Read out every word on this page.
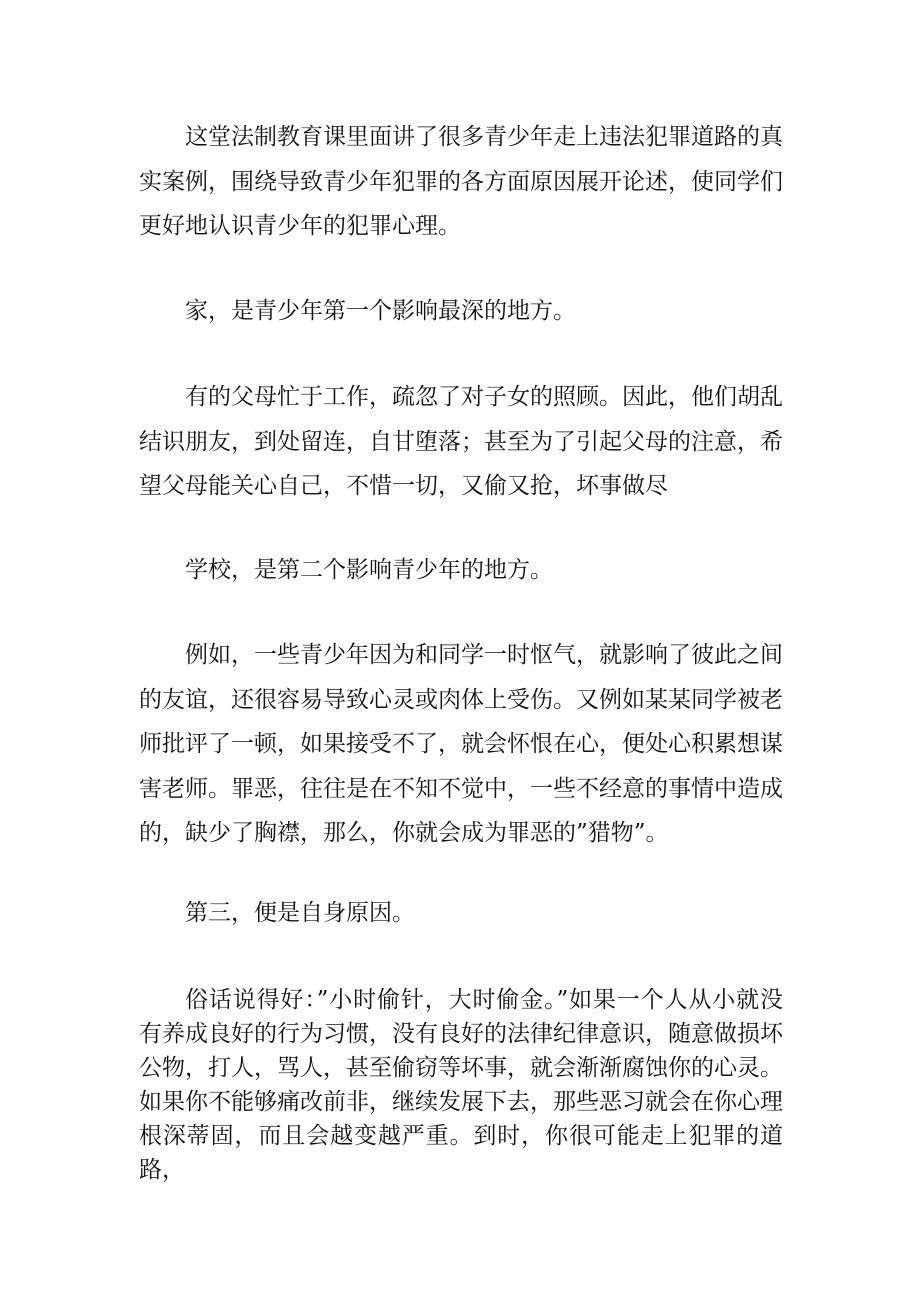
这堂法制教育课里面讲了很多青少年走上违法犯罪道路的真实案例，围绕导致青少年犯罪的各方面原因展开论述，使同学们更好地认识青少年的犯罪心理。

家，是青少年第一个影响最深的地方。

有的父母忙于工作，疏忽了对子女的照顾。因此，他们胡乱结识朋友，到处留连，自甘堕落；甚至为了引起父母的注意，希望父母能关心自己，不惜一切，又偷又抢，坏事做尽

学校，是第二个影响青少年的地方。

例如，一些青少年因为和同学一时怄气，就影响了彼此之间的友谊，还很容易导致心灵或肉体上受伤。又例如某某同学被老师批评了一顿，如果接受不了，就会怀恨在心，便处心积累想谋害老师。罪恶，往往是在不知不觉中，一些不经意的事情中造成的，缺少了胸襟，那么，你就会成为罪恶的”猎物”。

第三，便是自身原因。

俗话说得好：”小时偷针，大时偷金。”如果一个人从小就没有养成良好的行为习惯，没有良好的法律纪律意识，随意做损坏公物，打人，骂人，甚至偷窃等坏事，就会渐渐腐蚀你的心灵。如果你不能够痛改前非，继续发展下去，那些恶习就会在你心理根深蒂固，而且会越变越严重。到时，你很可能走上犯罪的道路，
